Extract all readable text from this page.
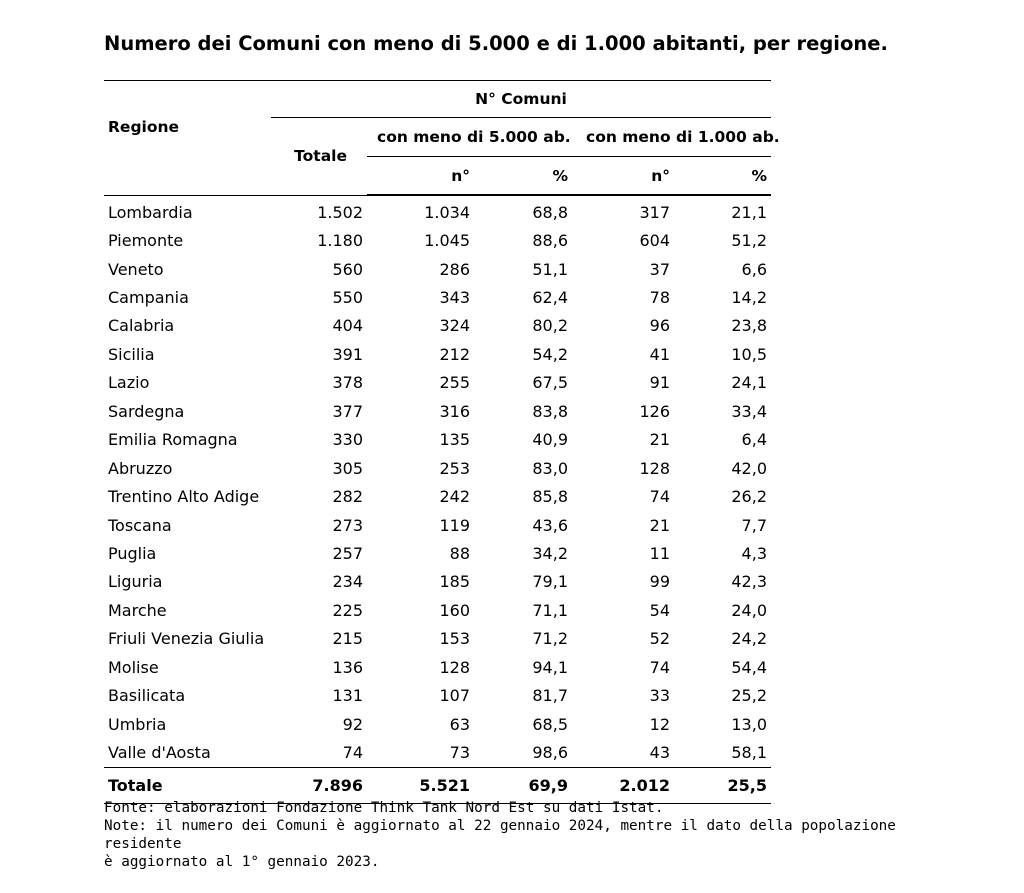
Numero dei Comuni con meno di 5.000 e di 1.000 abitanti, per regione.
Regione	N° Comuni				
	Totale	con meno di 5.000 ab.		con meno di 1.000 ab.	
		n°	%	n°	%

Lombardia	1.502	1.034	68,8	317	21,1
Piemonte	1.180	1.045	88,6	604	51,2
Veneto	560	286	51,1	37	6,6
Campania	550	343	62,4	78	14,2
Calabria	404	324	80,2	96	23,8
Sicilia	391	212	54,2	41	10,5
Lazio	378	255	67,5	91	24,1
Sardegna	377	316	83,8	126	33,4
Emilia Romagna	330	135	40,9	21	6,4
Abruzzo	305	253	83,0	128	42,0
Trentino Alto Adige	282	242	85,8	74	26,2
Toscana	273	119	43,6	21	7,7
Puglia	257	88	34,2	11	4,3
Liguria	234	185	79,1	99	42,3
Marche	225	160	71,1	54	24,0
Friuli Venezia Giulia	215	153	71,2	52	24,2
Molise	136	128	94,1	74	54,4
Basilicata	131	107	81,7	33	25,2
Umbria	92	63	68,5	12	13,0
Valle d'Aosta	74	73	98,6	43	58,1
Totale	7.896	5.521	69,9	2.012	25,5
Fonte: elaborazioni Fondazione Think Tank Nord Est su dati Istat.
Note: il numero dei Comuni è aggiornato al 22 gennaio 2024, mentre il dato della popolazione residente
è aggiornato al 1° gennaio 2023.
